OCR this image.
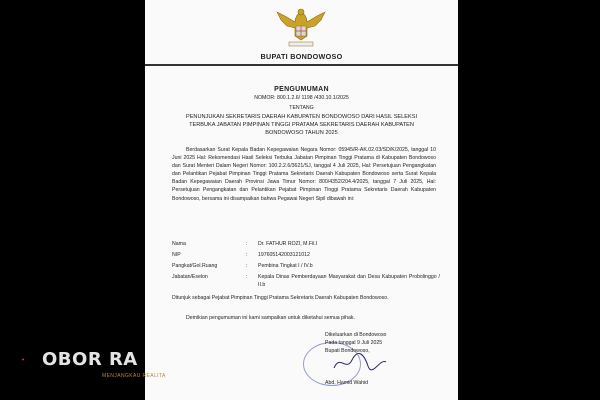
BUPATI BONDOWOSO
PENGUMUMAN
NOMOR: 800.1.2.6/ 1198 /430.10.1/2025
TENTANG
PENUNJUKAN SEKRETARIS DAERAH KABUPATEN BONDOWOSO DARI HASIL SELEKSI TERBUKA JABATAN PIMPINAN TINGGI PRATAMA SEKRETARIS DAERAH KABUPATEN BONDOWOSO TAHUN 2025
Berdasarkan Surat Kepala Badan Kepegawaian Negara Nomor: 05945/R-AK.02.03/SD/K/2025, tanggal 10 Juni 2025 Hal: Rekomendasi Hasil Seleksi Terbuka Jabatan Pimpinan Tinggi Pratama di Kabupaten Bondowoso dan Surat Menteri Dalam Negeri Nomor: 100.2.2.6/3621/SJ, tanggal 4 Juli 2025, Hal: Persetujuan Pengangkatan dan Pelantikan Pejabat Pimpinan Tinggi Pratama Sekretaris Daerah Kabupaten Bondowoso serta Surat Kepala Badan Kepegawaian Daerah Provinsi Jawa Timur Nomor: 800/4352/204.4/2025, tanggal 7 Juli 2025, Hal: Persetujuan Pengangkatan dan Pelantikan Pejabat Pimpinan Tinggi Pratama Sekretaris Daerah Kabupaten Bondowoso, bersama ini disampaikan bahwa Pegawai Negeri Sipil dibawah ini:
Nama	:	Dr. FATHUR ROZI, M.Fil.I
NIP	:	197605142003121012
Pangkat/Gol.Ruang	:	Pembina Tingkat I / IV.b
Jabatan/Eselon	:	Kepala Dinas Pemberdayaan Masyarakat dan Desa Kabupaten Probolinggo / II.b
Ditunjuk sebagai Pejabat Pimpinan Tinggi Pratama Sekretaris Daerah Kabupaten Bondowoso.
Demikian pengumuman ini kami sampaikan untuk diketahui semua pihak.
Dikeluarkan di Bondowoso
Pada tanggal 9 Juli 2025
Bupati Bondowoso,
Abd. Hamid Wahid
OBOR RA
MENJANGKAU REALITA
